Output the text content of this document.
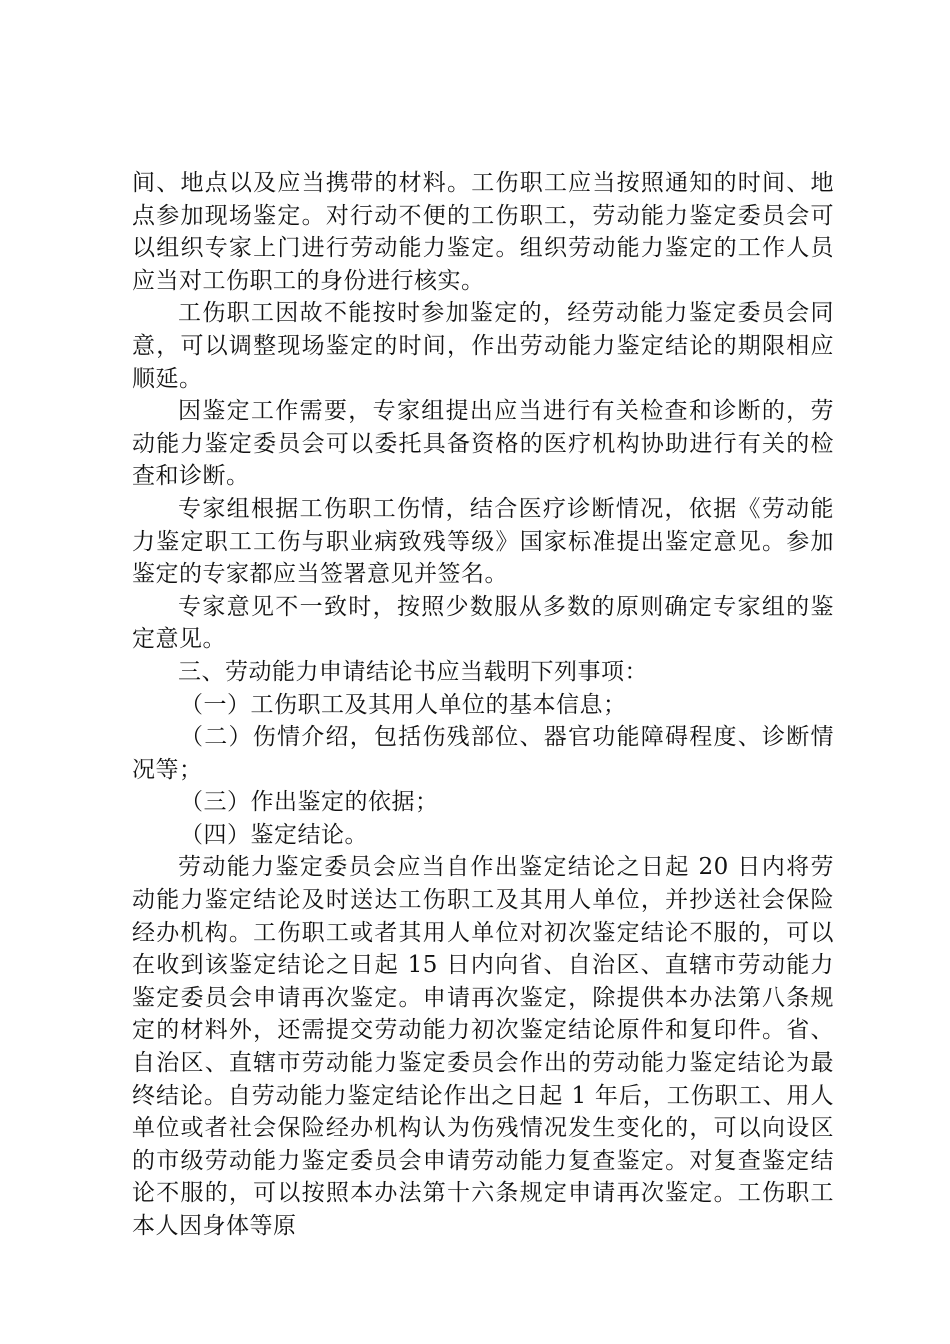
间、地点以及应当携带的材料。工伤职工应当按照通知的时间、地点参加现场鉴定。对行动不便的工伤职工，劳动能力鉴定委员会可以组织专家上门进行劳动能力鉴定。组织劳动能力鉴定的工作人员应当对工伤职工的身份进行核实。

工伤职工因故不能按时参加鉴定的，经劳动能力鉴定委员会同意，可以调整现场鉴定的时间，作出劳动能力鉴定结论的期限相应顺延。

因鉴定工作需要，专家组提出应当进行有关检查和诊断的，劳动能力鉴定委员会可以委托具备资格的医疗机构协助进行有关的检查和诊断。

专家组根据工伤职工伤情，结合医疗诊断情况，依据《劳动能力鉴定职工工伤与职业病致残等级》国家标准提出鉴定意见。参加鉴定的专家都应当签署意见并签名。

专家意见不一致时，按照少数服从多数的原则确定专家组的鉴定意见。

三、劳动能力申请结论书应当载明下列事项：

（一）工伤职工及其用人单位的基本信息；

（二）伤情介绍，包括伤残部位、器官功能障碍程度、诊断情况等；

（三）作出鉴定的依据；

（四）鉴定结论。

劳动能力鉴定委员会应当自作出鉴定结论之日起 20 日内将劳动能力鉴定结论及时送达工伤职工及其用人单位，并抄送社会保险经办机构。工伤职工或者其用人单位对初次鉴定结论不服的，可以在收到该鉴定结论之日起 15 日内向省、自治区、直辖市劳动能力鉴定委员会申请再次鉴定。申请再次鉴定，除提供本办法第八条规定的材料外，还需提交劳动能力初次鉴定结论原件和复印件。省、自治区、直辖市劳动能力鉴定委员会作出的劳动能力鉴定结论为最终结论。自劳动能力鉴定结论作出之日起 1 年后，工伤职工、用人单位或者社会保险经办机构认为伤残情况发生变化的，可以向设区的市级劳动能力鉴定委员会申请劳动能力复查鉴定。对复查鉴定结论不服的，可以按照本办法第十六条规定申请再次鉴定。工伤职工本人因身体等原
